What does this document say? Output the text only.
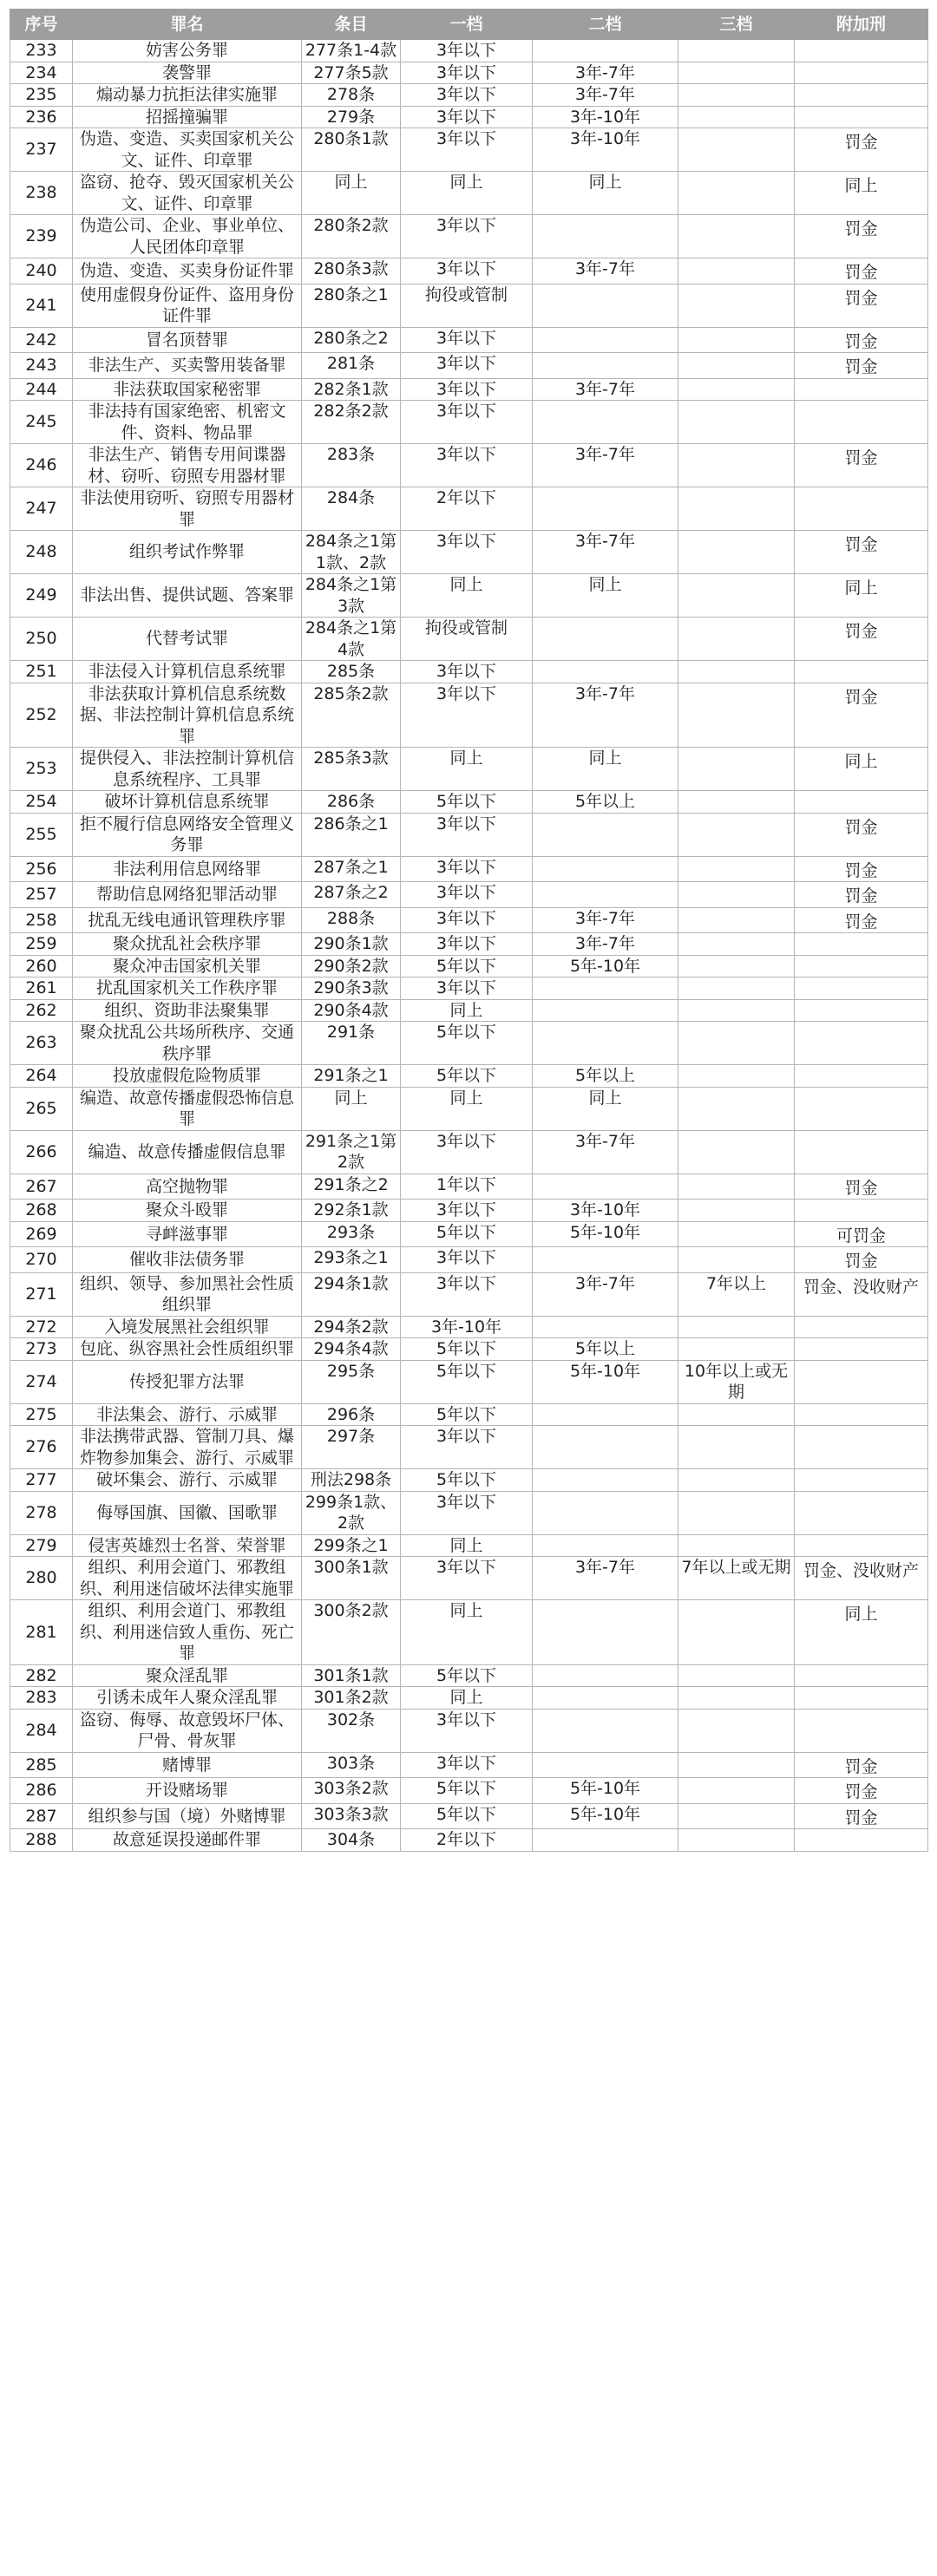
序号	罪名	条目	一档	二档	三档	附加刑
233	妨害公务罪	277条1-4款	3年以下			
234	袭警罪	277条5款	3年以下	3年-7年		
235	煽动暴力抗拒法律实施罪	278条	3年以下	3年-7年		
236	招摇撞骗罪	279条	3年以下	3年-10年		
237	伪造、变造、买卖国家机关公文、证件、印章罪	280条1款	3年以下	3年-10年		罚金
238	盗窃、抢夺、毁灭国家机关公文、证件、印章罪	同上	同上	同上		同上
239	伪造公司、企业、事业单位、人民团体印章罪	280条2款	3年以下			罚金
240	伪造、变造、买卖身份证件罪	280条3款	3年以下	3年-7年		罚金
241	使用虚假身份证件、盗用身份证件罪	280条之1	拘役或管制			罚金
242	冒名顶替罪	280条之2	3年以下			罚金
243	非法生产、买卖警用装备罪	281条	3年以下			罚金
244	非法获取国家秘密罪	282条1款	3年以下	3年-7年		
245	非法持有国家绝密、机密文件、资料、物品罪	282条2款	3年以下			
246	非法生产、销售专用间谍器材、窃听、窃照专用器材罪	283条	3年以下	3年-7年		罚金
247	非法使用窃听、窃照专用器材罪	284条	2年以下			
248	组织考试作弊罪	284条之1第1款、2款	3年以下	3年-7年		罚金
249	非法出售、提供试题、答案罪	284条之1第3款	同上	同上		同上
250	代替考试罪	284条之1第4款	拘役或管制			罚金
251	非法侵入计算机信息系统罪	285条	3年以下			
252	非法获取计算机信息系统数据、非法控制计算机信息系统罪	285条2款	3年以下	3年-7年		罚金
253	提供侵入、非法控制计算机信息系统程序、工具罪	285条3款	同上	同上		同上
254	破坏计算机信息系统罪	286条	5年以下	5年以上		
255	拒不履行信息网络安全管理义务罪	286条之1	3年以下			罚金
256	非法利用信息网络罪	287条之1	3年以下			罚金
257	帮助信息网络犯罪活动罪	287条之2	3年以下			罚金
258	扰乱无线电通讯管理秩序罪	288条	3年以下	3年-7年		罚金
259	聚众扰乱社会秩序罪	290条1款	3年以下	3年-7年		
260	聚众冲击国家机关罪	290条2款	5年以下	5年-10年		
261	扰乱国家机关工作秩序罪	290条3款	3年以下			
262	组织、资助非法聚集罪	290条4款	同上			
263	聚众扰乱公共场所秩序、交通秩序罪	291条	5年以下			
264	投放虚假危险物质罪	291条之1	5年以下	5年以上		
265	编造、故意传播虚假恐怖信息罪	同上	同上	同上		
266	编造、故意传播虚假信息罪	291条之1第2款	3年以下	3年-7年		
267	高空抛物罪	291条之2	1年以下			罚金
268	聚众斗殴罪	292条1款	3年以下	3年-10年		
269	寻衅滋事罪	293条	5年以下	5年-10年		可罚金
270	催收非法债务罪	293条之1	3年以下			罚金
271	组织、领导、参加黑社会性质组织罪	294条1款	3年以下	3年-7年	7年以上	罚金、没收财产
272	入境发展黑社会组织罪	294条2款	3年-10年			
273	包庇、纵容黑社会性质组织罪	294条4款	5年以下	5年以上		
274	传授犯罪方法罪	295条	5年以下	5年-10年	10年以上或无期	
275	非法集会、游行、示威罪	296条	5年以下			
276	非法携带武器、管制刀具、爆炸物参加集会、游行、示威罪	297条	3年以下			
277	破坏集会、游行、示威罪	刑法298条	5年以下			
278	侮辱国旗、国徽、国歌罪	299条1款、2款	3年以下			
279	侵害英雄烈士名誉、荣誉罪	299条之1	同上			
280	组织、利用会道门、邪教组织、利用迷信破坏法律实施罪	300条1款	3年以下	3年-7年	7年以上或无期	罚金、没收财产
281	组织、利用会道门、邪教组织、利用迷信致人重伤、死亡罪	300条2款	同上			同上
282	聚众淫乱罪	301条1款	5年以下			
283	引诱未成年人聚众淫乱罪	301条2款	同上			
284	盗窃、侮辱、故意毁坏尸体、尸骨、骨灰罪	302条	3年以下			
285	赌博罪	303条	3年以下			罚金
286	开设赌场罪	303条2款	5年以下	5年-10年		罚金
287	组织参与国（境）外赌博罪	303条3款	5年以下	5年-10年		罚金
288	故意延误投递邮件罪	304条	2年以下			
